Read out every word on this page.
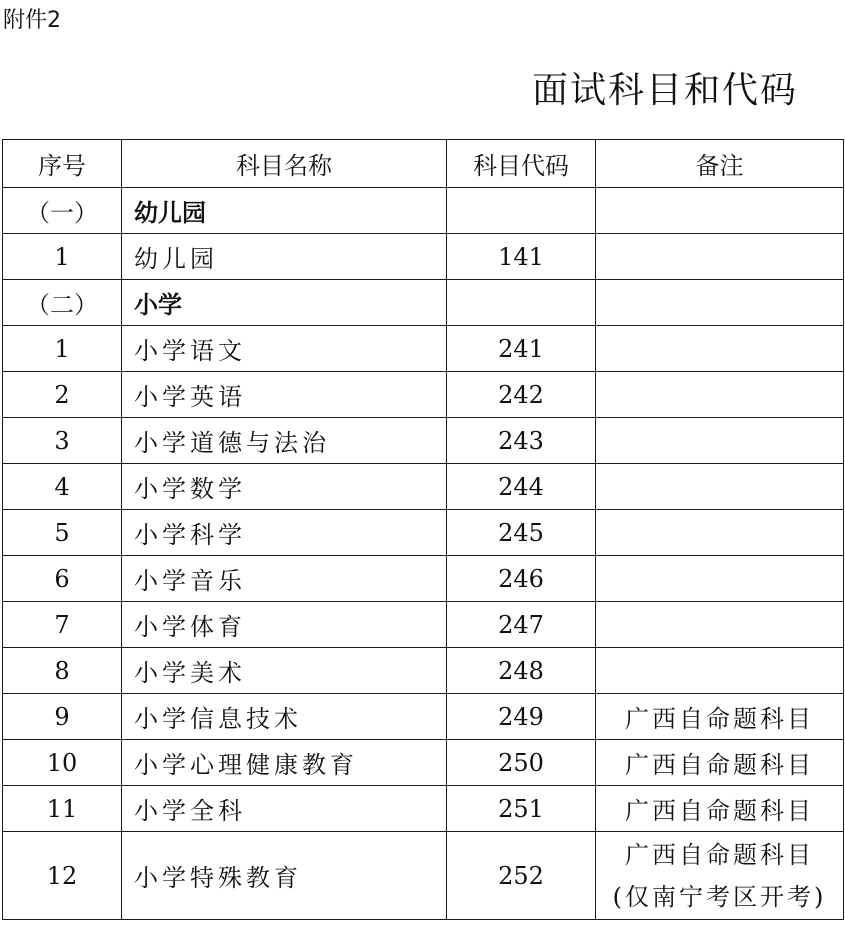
附件2
面试科目和代码
序号	科目名称	科目代码	备注
（一）	幼儿园		
1	幼儿园	141	
（二）	小学		
1	小学语文	241	
2	小学英语	242	
3	小学道德与法治	243	
4	小学数学	244	
5	小学科学	245	
6	小学音乐	246	
7	小学体育	247	
8	小学美术	248	
9	小学信息技术	249	广西自命题科目
10	小学心理健康教育	250	广西自命题科目
11	小学全科	251	广西自命题科目
12	小学特殊教育	252	广西自命题科目
(仅南宁考区开考)
